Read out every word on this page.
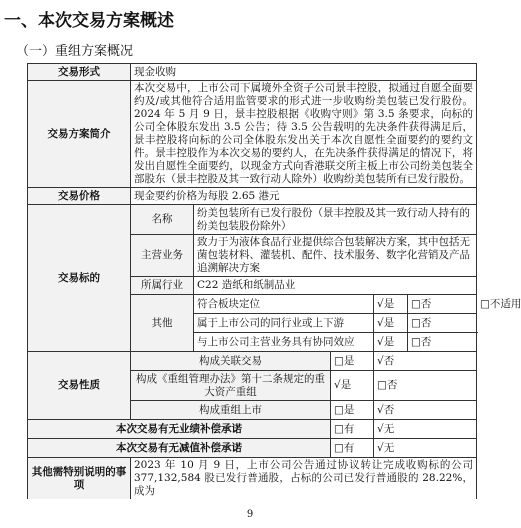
一、本次交易方案概述
（一）重组方案概况
交易形式	现金收购					
交易方案简介	本次交易中，上市公司下属境外全资子公司景丰控股，拟通过自愿全面要约及/或其他符合适用监管要求的形式进一步收购纷美包装已发行股份。2024 年 5 月 9 日，景丰控股根据《收购守则》第 3.5 条要求，向标的公司全体股东发出 3.5 公告；待 3.5 公告载明的先决条件获得满足后，景丰控股将向标的公司全体股东发出关于本次自愿性全面要约的要约文件。景丰控股作为本次交易的要约人，在先决条件获得满足的情况下，将发出自愿性全面要约，以现金方式向香港联交所主板上市公司纷美包装全部股东（景丰控股及其一致行动人除外）收购纷美包装所有已发行股份。					
交易价格	现金要约价格为每股 2.65 港元					
交易标的	名称	纷美包装所有已发行股份（景丰控股及其一致行动人持有的纷美包装股份除外）				
	主营业务	致力于为液体食品行业提供综合包装解决方案，其中包括无菌包装材料、灌装机、配件、技术服务、数字化营销及产品追溯解决方案				
	所属行业	C22 造纸和纸制品业				
	其他	符合板块定位		√是	□否	□不适用
		属于上市公司的同行业或上下游		√是	□否	
		与上市公司主营业务具有协同效应		√是	□否	
交易性质	构成关联交易		□是	√否		
	构成《重组管理办法》第十二条规定的重大资产重组		√是	□否		
	构成重组上市		□是	√否		
本次交易有无业绩补偿承诺			□有	√无		
本次交易有无减值补偿承诺			□有	√无		
其他需特别说明的事项	2023 年 10 月 9 日，上市公司公告通过协议转让完成收购标的公司 377,132,584 股已发行普通股，占标的公司已发行普通股的 28.22%，成为					
9
